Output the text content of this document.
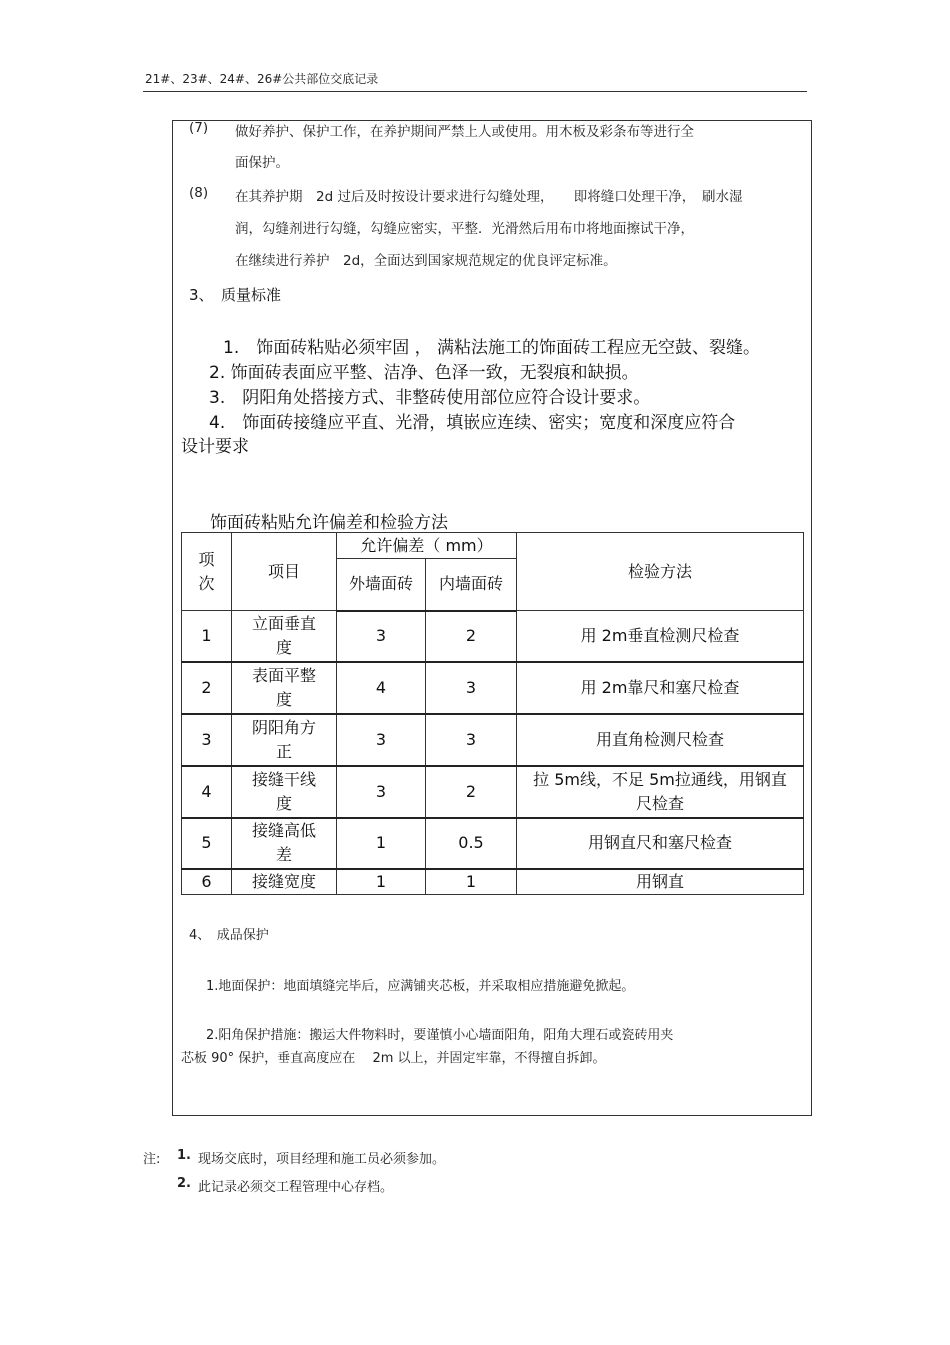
21#、23#、24#、26#公共部位交底记录
(7) 做好养护、保护工作，在养护期间严禁上人或使用。用木板及彩条布等进行全
面保护。
(8) 在其养护期　2d 过后及时按设计要求进行勾缝处理，　　即将缝口处理干净，　刷水湿
润，勾缝剂进行勾缝，勾缝应密实，平整．光滑然后用布巾将地面擦试干净，
在继续进行养护　2d，全面达到国家规范规定的优良评定标准。
3、　质量标准
1.　饰面砖粘贴必须牢固 ， 满粘法施工的饰面砖工程应无空鼓、裂缝。
2. 饰面砖表面应平整、洁净、色泽一致，无裂痕和缺损。
3.　阴阳角处搭接方式、非整砖使用部位应符合设计要求。
4.　饰面砖接缝应平直、光滑，填嵌应连续、密实；宽度和深度应符合
设计要求
饰面砖粘贴允许偏差和检验方法
项次	项目	允许偏差（ mm）		检验方法
		外墙面砖	内墙面砖	
1	立面垂直度	3	2	用 2m垂直检测尺检查
2	表面平整度	4	3	用 2m靠尺和塞尺检查
3	阴阳角方正	3	3	用直角检测尺检查
4	接缝干线度	3	2	拉 5m线，不足 5m拉通线，用钢直尺检查
5	接缝高低差	1	0.5	用钢直尺和塞尺检查
6	接缝宽度	1	1	用钢直
4、　成品保护
1.地面保护：地面填缝完毕后，应满铺夹芯板，并采取相应措施避免掀起。
2.阳角保护措施：搬运大件物料时，要谨慎小心墙面阳角，阳角大理石或瓷砖用夹
芯板 90° 保护，垂直高度应在　 2m 以上，并固定牢靠，不得擅自拆卸。
注: 1. 现场交底时，项目经理和施工员必须参加。
2. 此记录必须交工程管理中心存档。
